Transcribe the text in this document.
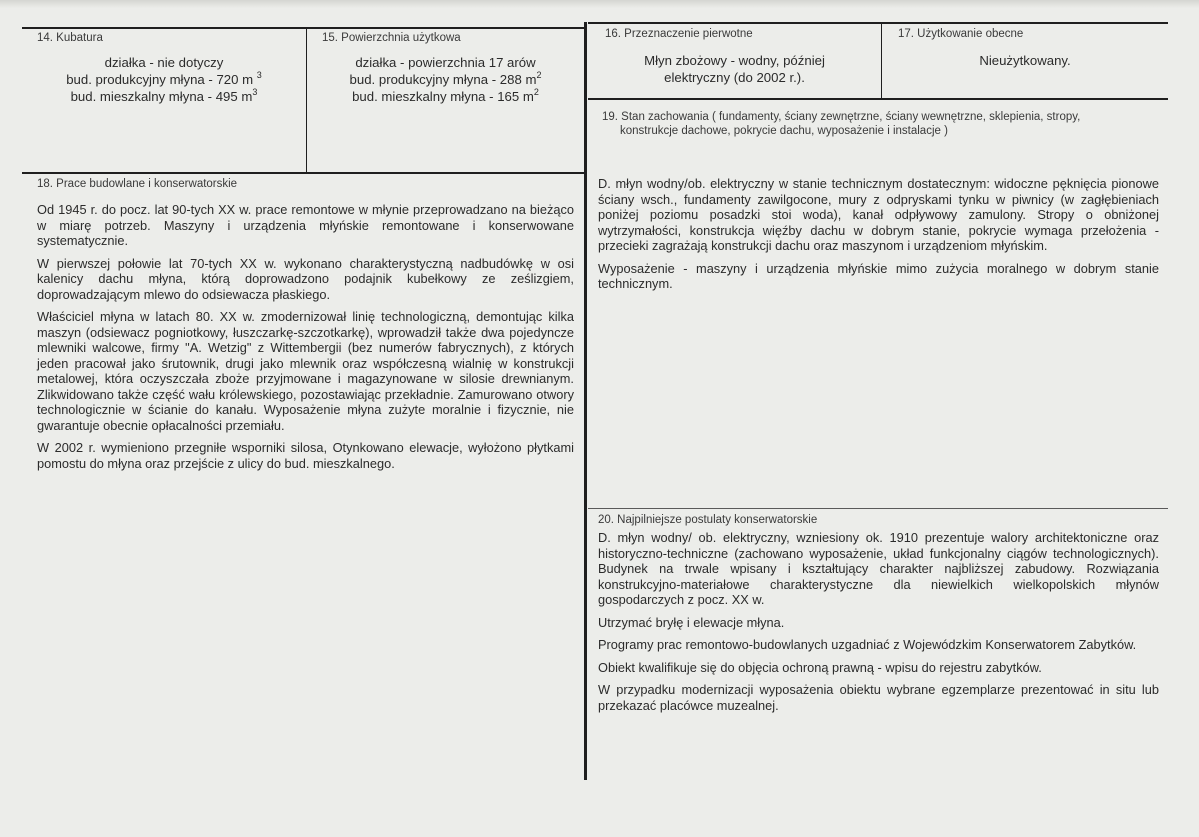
14. Kubatura

działka - nie dotyczy

bud. produkcyjny młyna - 720 m $^3$

bud. mieszkalny młyna - 495 $m^3$

15. Powierzchnia użytkowa

działka - powierzchnia 17 arów

bud. produkcyjny młyna - 288 $m^2$

bud. mieszkalny młyna - 165 $m^2$

16. Przeznaczenie pierwotne

Młyn zbożowy - wodny, później

elektryczny (do 2002 r.).

17. Użytkowanie obecne

Nieużytkowany.

18. Prace budowlane i konserwatorskie

Od 1945 r. do pocz. lat 90-tych XX w. prace remontowe w młynie przeprowadzano na bieżąco w miarę potrzeb. Maszyny i urządzenia młyńskie remontowane i konserwowane systematycznie.

W pierwszej połowie lat 70-tych XX w. wykonano charakterystyczną nadbudówkę w osi kalenicy dachu młyna, którą doprowadzono podajnik kubełkowy ze ześlizgiem, doprowadzającym mlewo do odsiewacza płaskiego.

Właściciel młyna w latach 80. XX w. zmodernizował linię technologiczną, demontując kilka maszyn (odsiewacz pogniotkowy, łuszczarkę-szczotkarkę), wprowadził także dwa pojedyncze mlewniki walcowe, firmy "A. Wetzig" z Wittembergii (bez numerów fabrycznych), z których jeden pracował jako śrutownik, drugi jako mlewnik oraz współczesną wialnię w konstrukcji metalowej, która oczyszczała zboże przyjmowane i magazynowane w silosie drewnianym. Zlikwidowano także część wału królewskiego, pozostawiając przekładnie. Zamurowano otwory technologicznie w ścianie do kanału. Wyposażenie młyna zużyte moralnie i fizycznie, nie gwarantuje obecnie opłacalności przemiału.

W 2002 r. wymieniono przegniłe wsporniki silosa, Otynkowano elewacje, wyłożono płytkami pomostu do młyna oraz przejście z ulicy do bud. mieszkalnego.

19. Stan zachowania ( fundamenty, ściany zewnętrzne, ściany wewnętrzne, sklepienia, stropy,
konstrukcje dachowe, pokrycie dachu, wyposażenie i instalacje )

D. młyn wodny/ob. elektryczny w stanie technicznym dostatecznym: widoczne pęknięcia pionowe ściany wsch., fundamenty zawilgocone, mury z odpryskami tynku w piwnicy (w zagłębieniach poniżej poziomu posadzki stoi woda), kanał odpływowy zamulony. Stropy o obniżonej wytrzymałości, konstrukcja więźby dachu w dobrym stanie, pokrycie wymaga przełożenia - przecieki zagrażają konstrukcji dachu oraz maszynom i urządzeniom młyńskim.

Wyposażenie - maszyny i urządzenia młyńskie mimo zużycia moralnego w dobrym stanie technicznym.

20. Najpilniejsze postulaty konserwatorskie

D. młyn wodny/ ob. elektryczny, wzniesiony ok. 1910 prezentuje walory architektoniczne oraz historyczno-techniczne (zachowano wyposażenie, układ funkcjonalny ciągów technologicznych). Budynek na trwale wpisany i kształtujący charakter najbliższej zabudowy. Rozwiązania konstrukcyjno-materiałowe charakterystyczne dla niewielkich wielkopolskich młynów gospodarczych z pocz. XX w.

Utrzymać bryłę i elewacje młyna.

Programy prac remontowo-budowlanych uzgadniać z Wojewódzkim Konserwatorem Zabytków.

Obiekt kwalifikuje się do objęcia ochroną prawną - wpisu do rejestru zabytków.

W przypadku modernizacji wyposażenia obiektu wybrane egzemplarze prezentować in situ lub przekazać placówce muzealnej.
